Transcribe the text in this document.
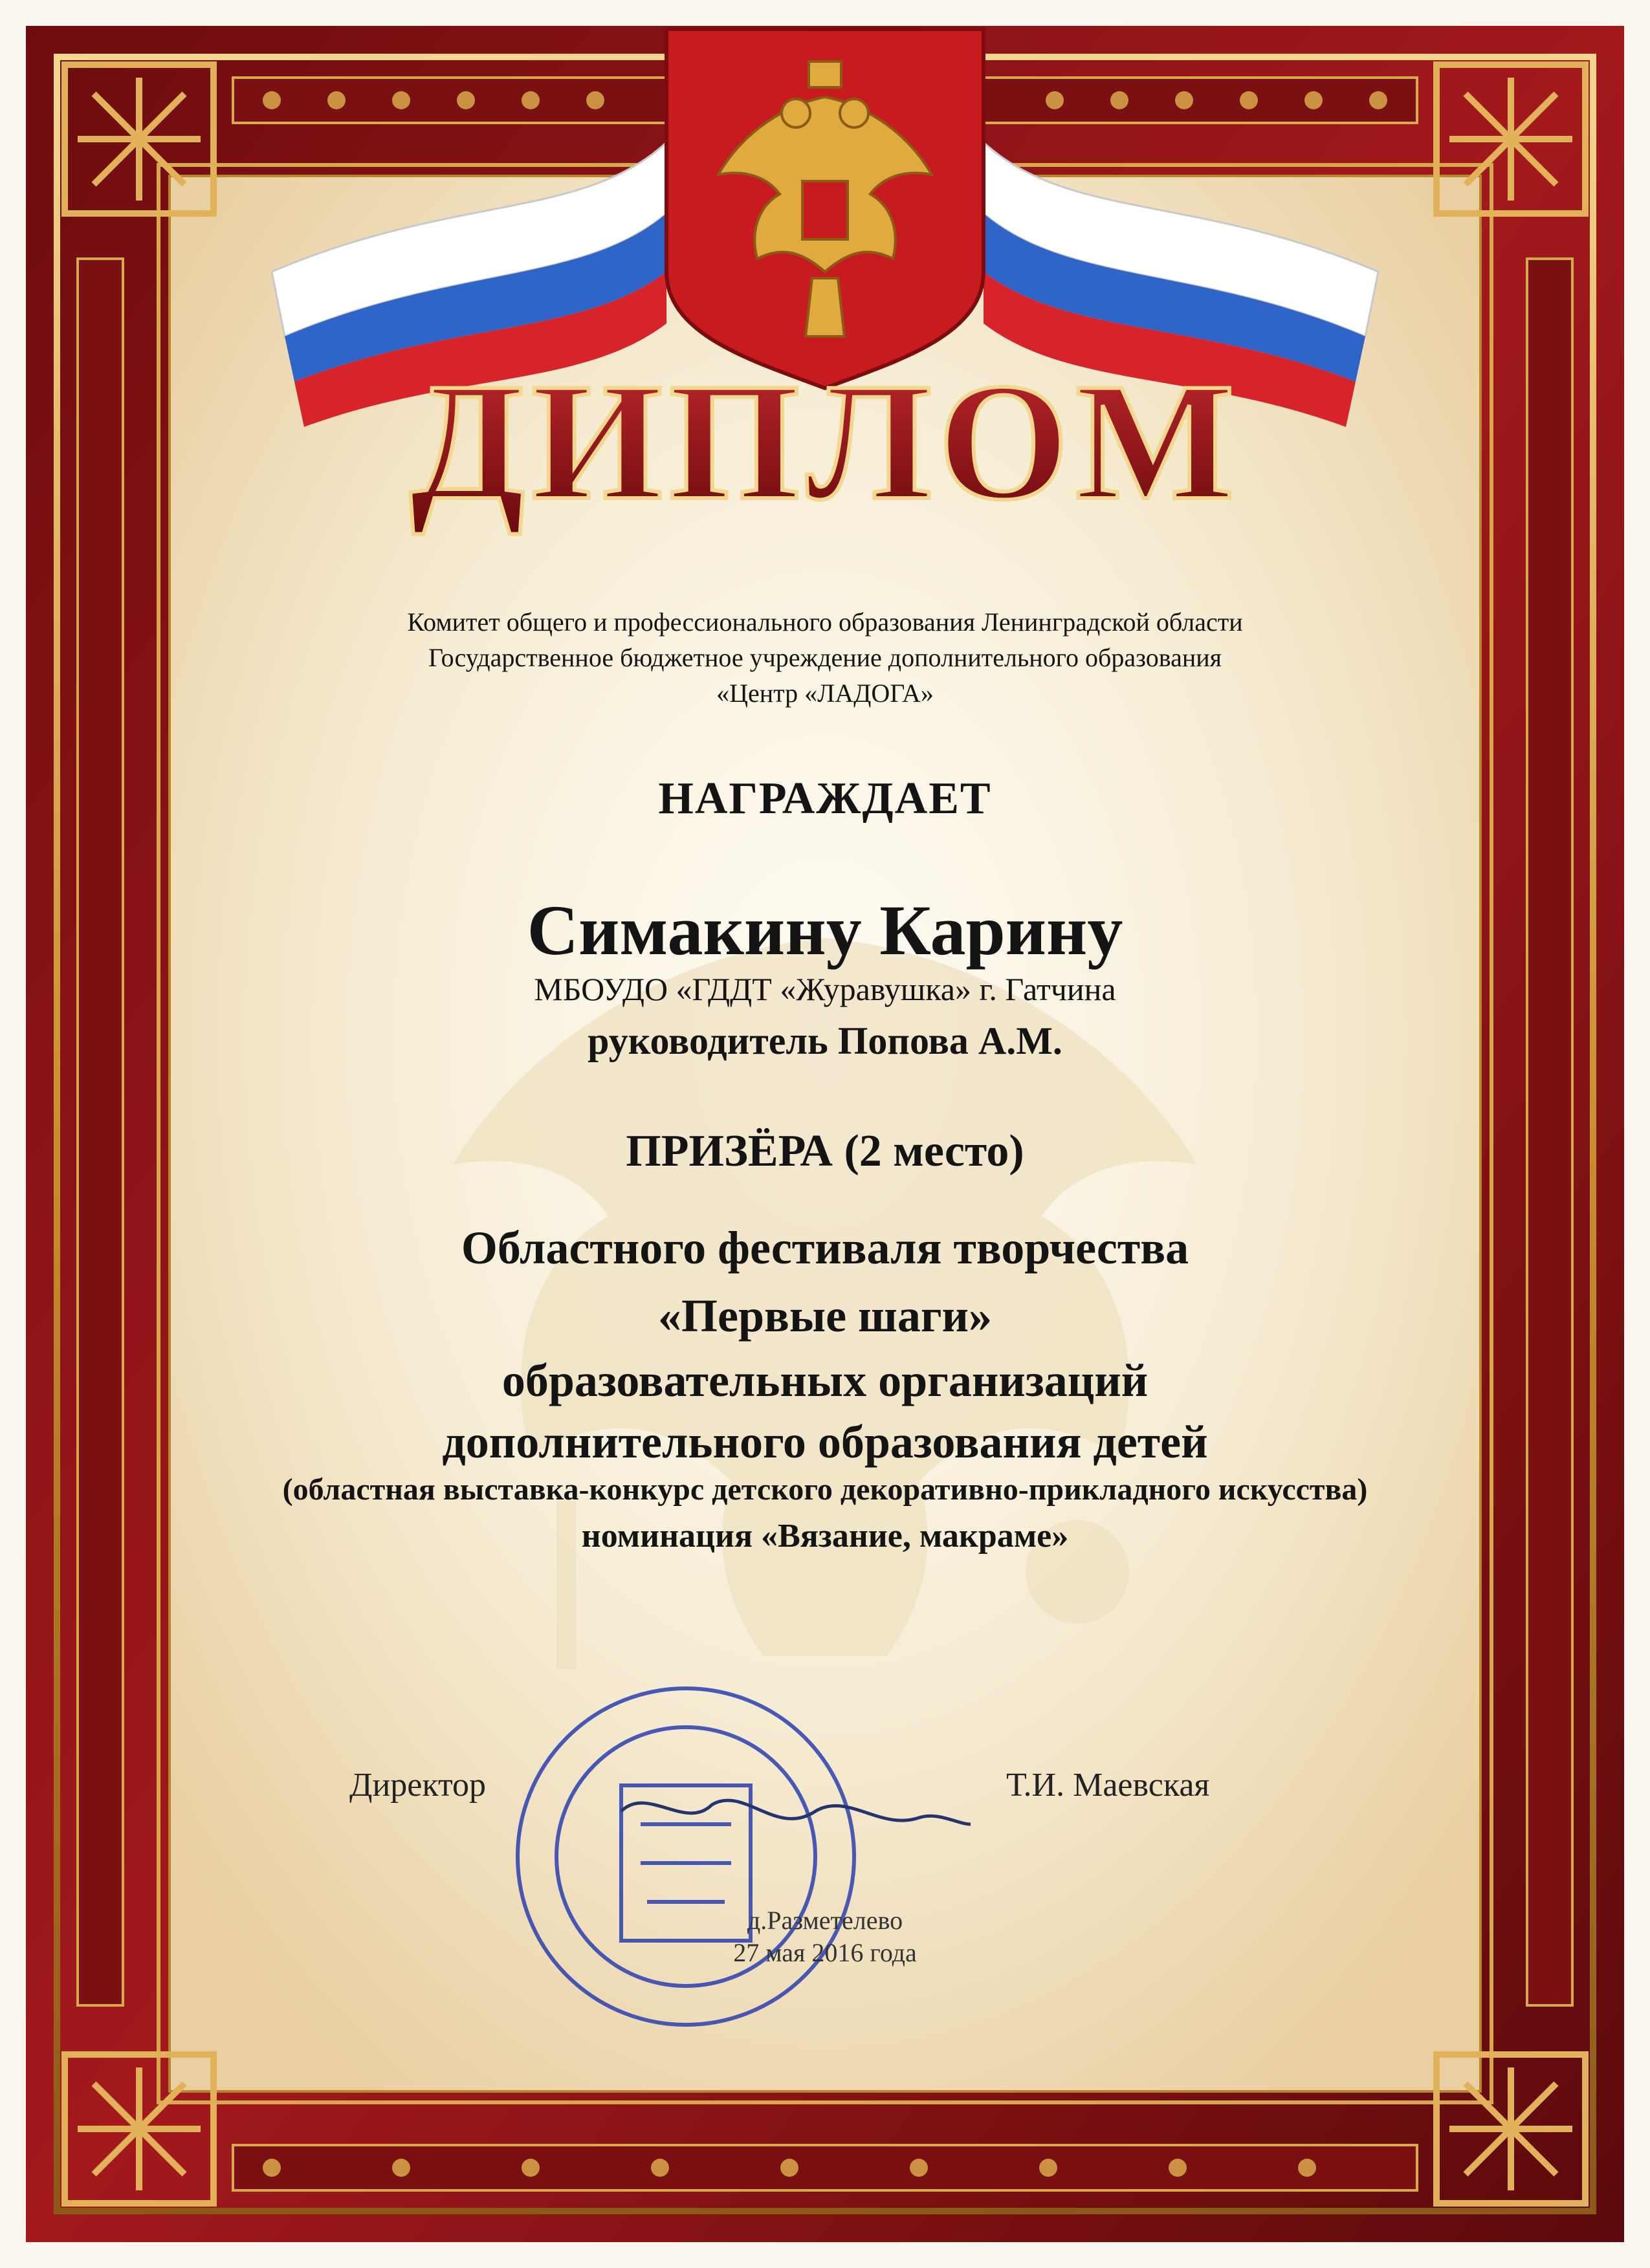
ДИПЛОМ
Комитет общего и профессионального образования Ленинградской области
Государственное бюджетное учреждение дополнительного образования
«Центр «ЛАДОГА»
НАГРАЖДАЕТ
Симакину Карину
МБОУДО «ГДДТ «Журавушка» г. Гатчина
руководитель Попова А.М.
ПРИЗЁРА (2 место)
Областного фестиваля творчества
«Первые шаги»
образовательных организаций
дополнительного образования детей
(областная выставка-конкурс детского декоративно-прикладного искусства)
номинация «Вязание, макраме»
Директор	Т.И. Маевская
д.Разметелево
27 мая 2016 года
